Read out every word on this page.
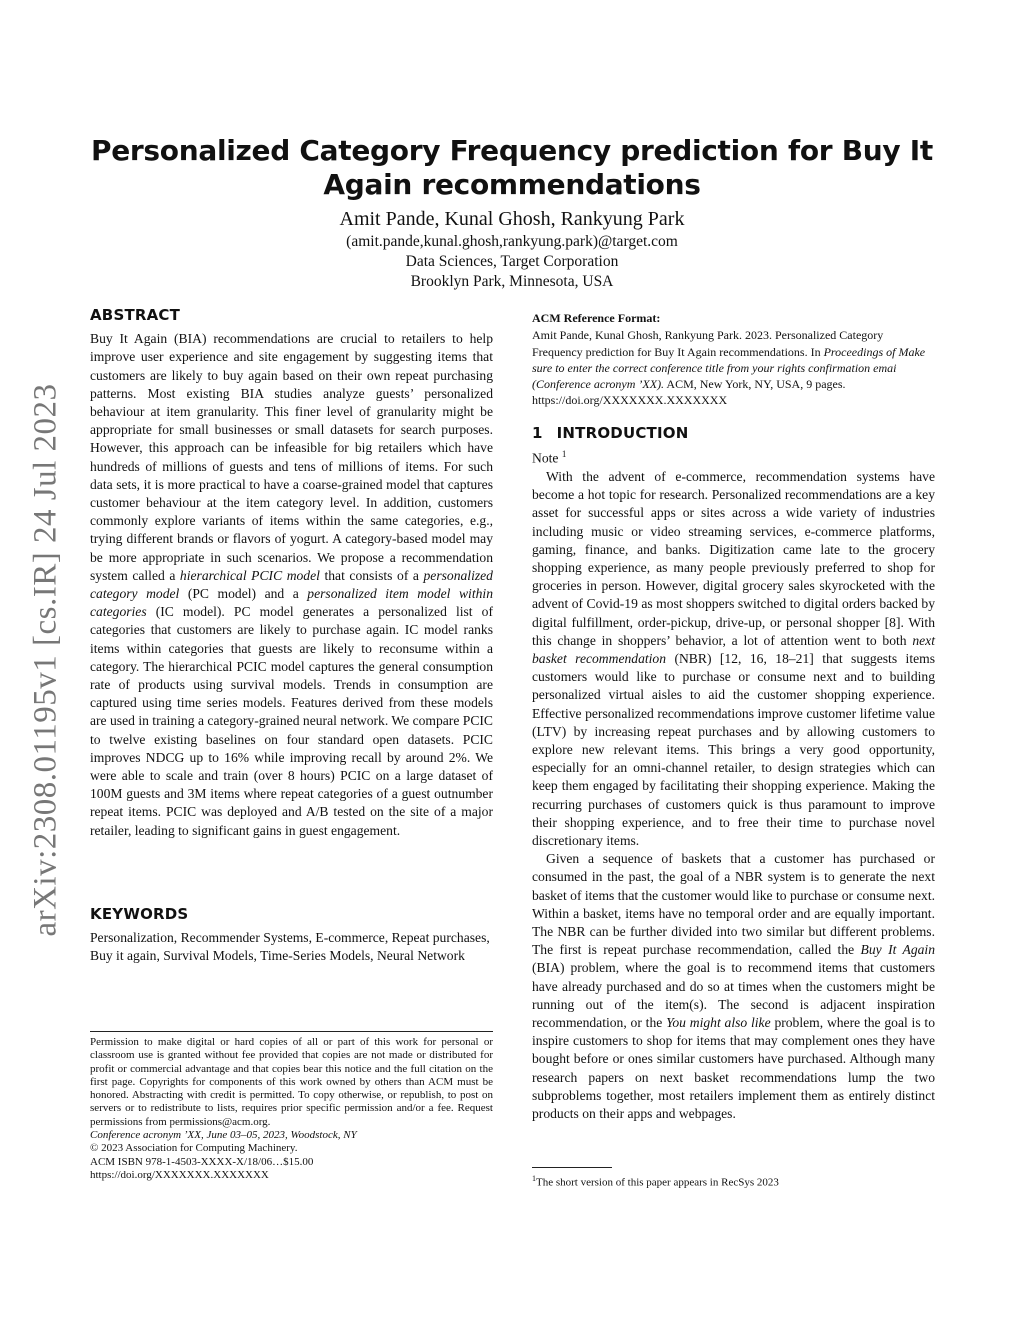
arXiv:2308.01195v1 [cs.IR] 24 Jul 2023
Personalized Category Frequency prediction for Buy It Again recommendations
Amit Pande, Kunal Ghosh, Rankyung Park
(amit.pande,kunal.ghosh,rankyung.park)@target.com
Data Sciences, Target Corporation
Brooklyn Park, Minnesota, USA
ABSTRACT

Buy It Again (BIA) recommendations are crucial to retailers to help improve user experience and site engagement by suggesting items that customers are likely to buy again based on their own repeat purchasing patterns. Most existing BIA studies analyze guests’ personalized behaviour at item granularity. This finer level of granularity might be appropriate for small businesses or small datasets for search purposes. However, this approach can be infeasible for big retailers which have hundreds of millions of guests and tens of millions of items. For such data sets, it is more practical to have a coarse-grained model that captures customer behaviour at the item category level. In addition, customers commonly explore variants of items within the same categories, e.g., trying different brands or flavors of yogurt. A category-based model may be more appropriate in such scenarios. We propose a recommendation system called a hierarchical PCIC model that consists of a personalized category model (PC model) and a personalized item model within categories (IC model). PC model generates a personalized list of categories that customers are likely to purchase again. IC model ranks items within categories that guests are likely to reconsume within a category. The hierarchical PCIC model captures the general consumption rate of products using survival models. Trends in consumption are captured using time series models. Features derived from these models are used in training a category-grained neural network. We compare PCIC to twelve existing baselines on four standard open datasets. PCIC improves NDCG up to 16% while improving recall by around 2%. We were able to scale and train (over 8 hours) PCIC on a large dataset of 100M guests and 3M items where repeat categories of a guest outnumber repeat items. PCIC was deployed and A/B tested on the site of a major retailer, leading to significant gains in guest engagement.

KEYWORDS

Personalization, Recommender Systems, E-commerce, Repeat purchases, Buy it again, Survival Models, Time-Series Models, Neural Network

Permission to make digital or hard copies of all or part of this work for personal or classroom use is granted without fee provided that copies are not made or distributed for profit or commercial advantage and that copies bear this notice and the full citation on the first page. Copyrights for components of this work owned by others than ACM must be honored. Abstracting with credit is permitted. To copy otherwise, or republish, to post on servers or to redistribute to lists, requires prior specific permission and/or a fee. Request permissions from permissions@acm.org.

Conference acronym ’XX, June 03–05, 2023, Woodstock, NY
© 2023 Association for Computing Machinery.
ACM ISBN 978-1-4503-XXXX-X/18/06…$15.00
https://doi.org/XXXXXXX.XXXXXXX
ACM Reference Format:

Amit Pande, Kunal Ghosh, Rankyung Park. 2023. Personalized Category Frequency prediction for Buy It Again recommendations. In Proceedings of Make sure to enter the correct conference title from your rights confirmation emai (Conference acronym ’XX). ACM, New York, NY, USA, 9 pages. https://doi.org/XXXXXXX.XXXXXXX

1 INTRODUCTION
Note $^1$

With the advent of e-commerce, recommendation systems have become a hot topic for research. Personalized recommendations are a key asset for successful apps or sites across a wide variety of industries including music or video streaming services, e-commerce platforms, gaming, finance, and banks. Digitization came late to the grocery shopping experience, as many people previously preferred to shop for groceries in person. However, digital grocery sales skyrocketed with the advent of Covid-19 as most shoppers switched to digital orders backed by digital fulfillment, order-pickup, drive-up, or personal shopper [8]. With this change in shoppers’ behavior, a lot of attention went to both next basket recommendation (NBR) [12, 16, 18–21] that suggests items customers would like to purchase or consume next and to building personalized virtual aisles to aid the customer shopping experience. Effective personalized recommendations improve customer lifetime value (LTV) by increasing repeat purchases and by allowing customers to explore new relevant items. This brings a very good opportunity, especially for an omni-channel retailer, to design strategies which can keep them engaged by facilitating their shopping experience. Making the recurring purchases of customers quick is thus paramount to improve their shopping experience, and to free their time to purchase novel discretionary items.

Given a sequence of baskets that a customer has purchased or consumed in the past, the goal of a NBR system is to generate the next basket of items that the customer would like to purchase or consume next. Within a basket, items have no temporal order and are equally important. The NBR can be further divided into two similar but different problems. The first is repeat purchase recommendation, called the Buy It Again (BIA) problem, where the goal is to recommend items that customers have already purchased and do so at times when the customers might be running out of the item(s). The second is adjacent inspiration recommendation, or the You might also like problem, where the goal is to inspire customers to shop for items that may complement ones they have bought before or ones similar customers have purchased. Although many research papers on next basket recommendations lump the two subproblems together, most retailers implement them as entirely distinct products on their apps and webpages.

$^1$The short version of this paper appears in RecSys 2023
